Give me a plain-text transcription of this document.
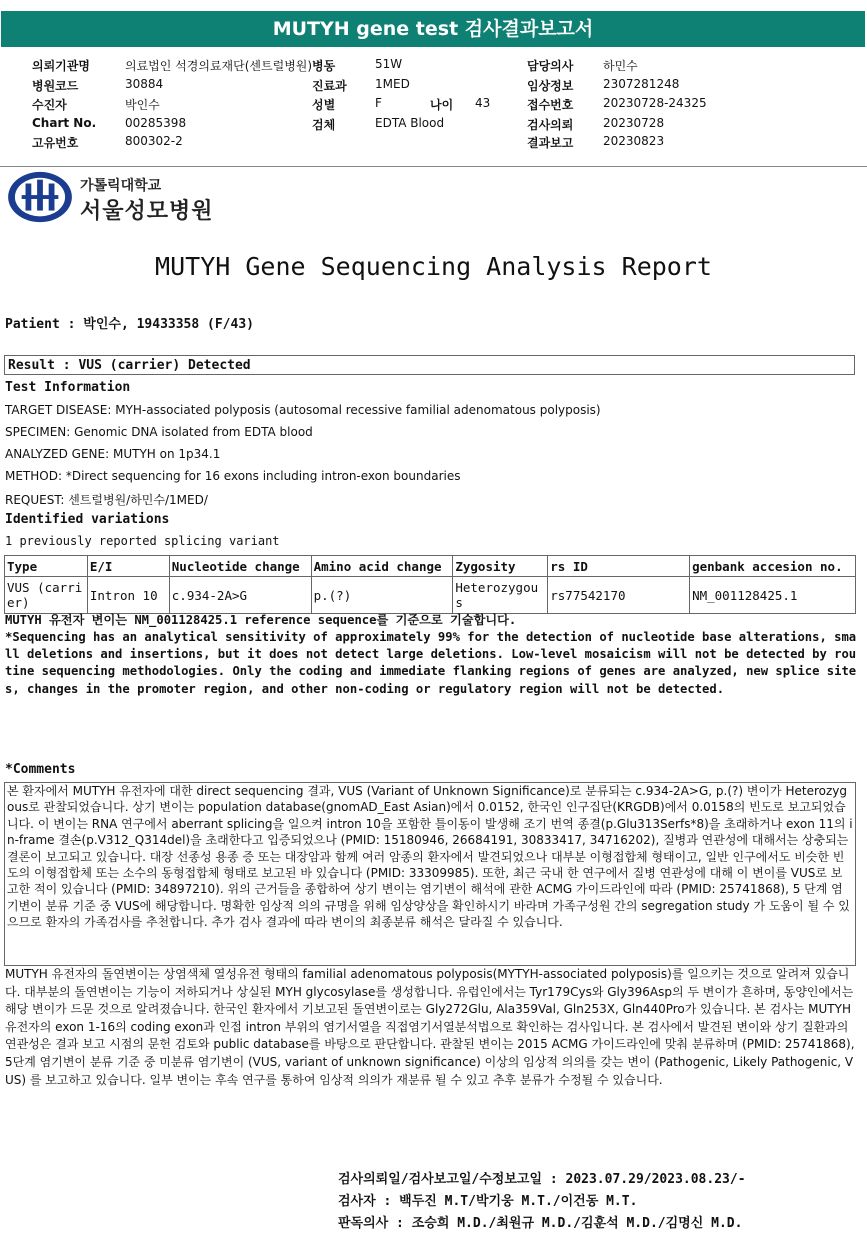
MUTYH gene test 검사결과보고서
의뢰기관명	의료법인 석경의료재단(센트럴병원)
병원코드	30884
수진자	박인수
Chart No. 00285398
고유번호	800302-2
병동	51W
진료과 1MED
성별	F	나이 43
검체	EDTA Blood
담당의사 하민수
임상정보 2307281248
접수번호 20230728-24325
검사의뢰 20230728
결과보고 20230823
가톨릭대학교
서울성모병원
MUTYH Gene Sequencing Analysis Report
Patient : 박인수, 19433358 (F/43)
Result : VUS (carrier) Detected
Test Information
TARGET DISEASE: MYH-associated polyposis (autosomal recessive familial adenomatous polyposis)
SPECIMEN: Genomic DNA isolated from EDTA blood
ANALYZED GENE: MUTYH on 1p34.1
METHOD: *Direct sequencing for 16 exons including intron-exon boundaries
REQUEST: 센트럴병원/하민수/1MED/
Identified variations
1 previously reported splicing variant
Type	E/I	Nucleotide change	Amino acid change	Zygosity	rs ID	genbank accesion no.
VUS (carrier)	Intron 10	c.934-2A>G	p.(?)	Heterozygous	rs77542170	NM_001128425.1
MUTYH 유전자 변이는 NM_001128425.1 reference sequence를 기준으로 기술합니다.
*Sequencing has an analytical sensitivity of approximately 99% for the detection of nucleotide base alterations, small deletions and insertions, but it does not detect large deletions. Low-level mosaicism will not be detected by routine sequencing methodologies. Only the coding and immediate flanking regions of genes are analyzed, new splice sites, changes in the promoter region, and other non-coding or regulatory region will not be detected.
*Comments
본 환자에서 MUTYH 유전자에 대한 direct sequencing 결과, VUS (Variant of Unknown Significance)로 분류되는 c.934-2A>G, p.(?) 변이가 Heterozygous로 관찰되었습니다. 상기 변이는 population database(gnomAD_East Asian)에서 0.0152, 한국인 인구집단(KRGDB)에서 0.0158의 빈도로 보고되었습니다. 이 변이는 RNA 연구에서 aberrant splicing을 일으켜 intron 10을 포함한 틀이동이 발생해 조기 번역 종결(p.Glu313Serfs*8)을 초래하거나 exon 11의 in-frame 결손(p.V312_Q314del)을 초래한다고 입증되었으나 (PMID: 15180946, 26684191, 30833417, 34716202), 질병과 연관성에 대해서는 상충되는 결론이 보고되고 있습니다. 대장 선종성 용종 증 또는 대장암과 함께 여러 암종의 환자에서 발견되었으나 대부분 이형접합체 형태이고, 일반 인구에서도 비슷한 빈도의 이형접합체 또는 소수의 동형접합체 형태로 보고된 바 있습니다 (PMID: 33309985). 또한, 최근 국내 한 연구에서 질병 연관성에 대해 이 변이를 VUS로 보고한 적이 있습니다 (PMID: 34897210). 위의 근거들을 종합하여 상기 변이는 염기변이 해석에 관한 ACMG 가이드라인에 따라 (PMID: 25741868), 5 단계 염기변이 분류 기준 중 VUS에 해당합니다. 명확한 임상적 의의 규명을 위해 임상양상을 확인하시기 바라며 가족구성원 간의 segregation study 가 도움이 될 수 있으므로 환자의 가족검사를 추천합니다. 추가 검사 결과에 따라 변이의 최종분류 해석은 달라질 수 있습니다.
MUTYH 유전자의 돌연변이는 상염색체 열성유전 형태의 familial adenomatous polyposis(MYTYH-associated polyposis)를 일으키는 것으로 알려져 있습니다. 대부분의 돌연변이는 기능이 저하되거나 상실된 MYH glycosylase를 생성합니다. 유럽인에서는 Tyr179Cys와 Gly396Asp의 두 변이가 흔하며, 동양인에서는 해당 변이가 드문 것으로 알려졌습니다. 한국인 환자에서 기보고된 돌연변이로는 Gly272Glu, Ala359Val, Gln253X, Gln440Pro가 있습니다. 본 검사는 MUTYH 유전자의 exon 1-16의 coding exon과 인접 intron 부위의 염기서열을 직접염기서열분석법으로 확인하는 검사입니다. 본 검사에서 발견된 변이와 상기 질환과의 연관성은 결과 보고 시점의 문헌 검토와 public database를 바탕으로 판단합니다. 관찰된 변이는 2015 ACMG 가이드라인에 맞춰 분류하며 (PMID: 25741868), 5단계 염기변이 분류 기준 중 미분류 염기변이 (VUS, variant of unknown significance) 이상의 임상적 의의를 갖는 변이 (Pathogenic, Likely Pathogenic, VUS) 를 보고하고 있습니다. 일부 변이는 후속 연구를 통하여 임상적 의의가 재분류 될 수 있고 추후 분류가 수정될 수 있습니다.
검사의뢰일/검사보고일/수정보고일 : 2023.07.29/2023.08.23/-
검사자 : 백두진 M.T/박기웅 M.T./이건동 M.T.
판독의사 : 조승희 M.D./최원규 M.D./김훈석 M.D./김명신 M.D.
